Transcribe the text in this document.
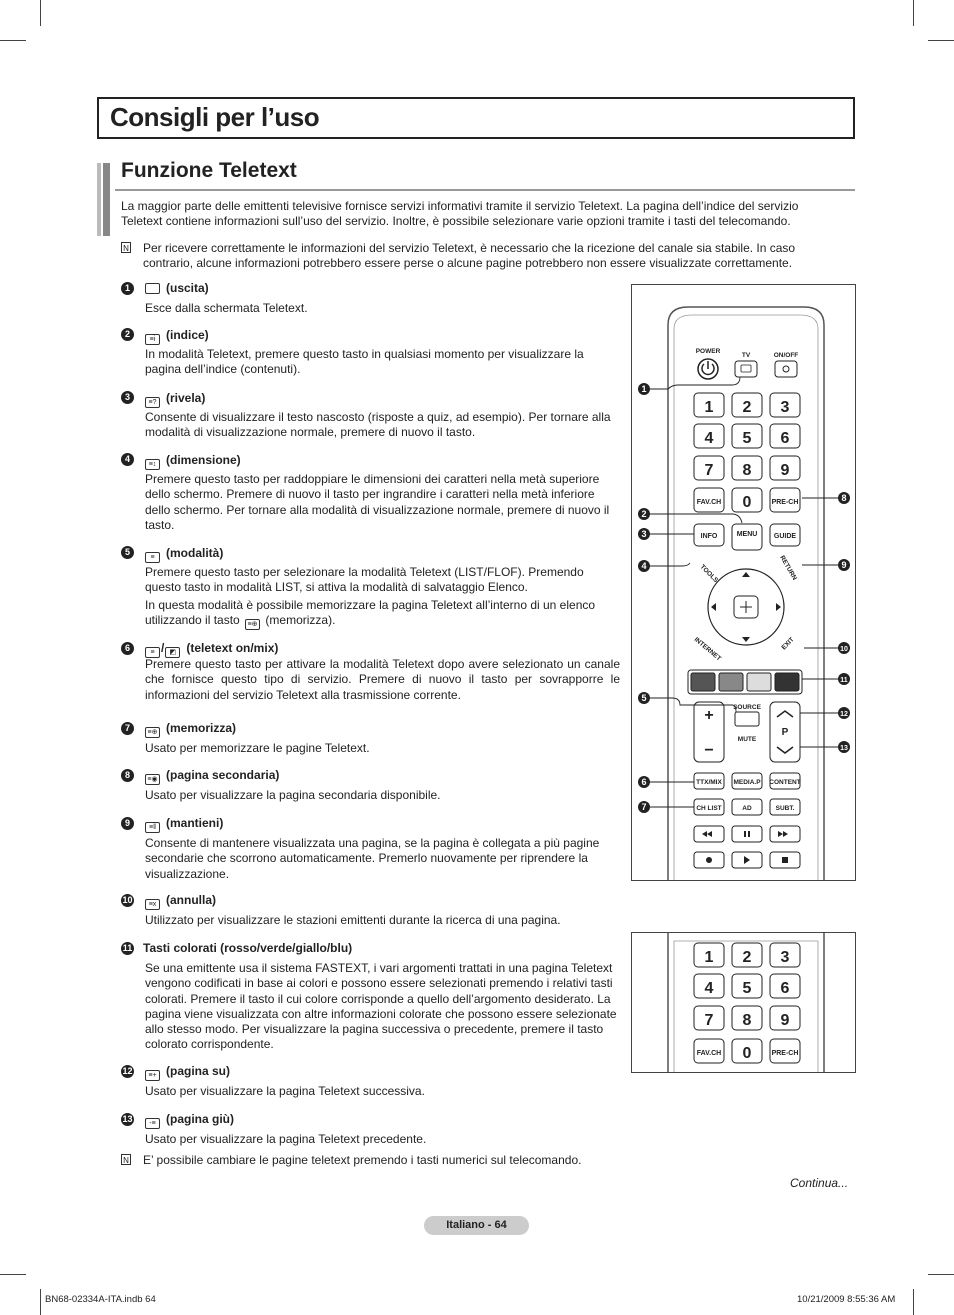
Consigli per l’uso
Funzione Teletext

La maggior parte delle emittenti televisive fornisce servizi informativi tramite il servizio Teletext. La pagina dell’indice del servizio Teletext contiene informazioni sull’uso del servizio. Inoltre, è possibile selezionare varie opzioni tramite i tasti del telecomando.

N Per ricevere correttamente le informazioni del servizio Teletext, è necessario che la ricezione del canale sia stabile. In caso contrario, alcune informazioni potrebbero essere perse o alcune pagine potrebbero non essere visualizzate correttamente.

1	(uscita)

Esce dalla schermata Teletext.

2
≡i (indice)

In modalità Teletext, premere questo tasto in qualsiasi momento per visualizzare la pagina dell’indice (contenuti).

3
≡? (rivela)

Consente di visualizzare il testo nascosto (risposte a quiz, ad esempio). Per tornare alla modalità di visualizzazione normale, premere di nuovo il tasto.

4
≡↕ (dimensione)

Premere questo tasto per raddoppiare le dimensioni dei caratteri nella metà superiore dello schermo. Premere di nuovo il tasto per ingrandire i caratteri nella metà inferiore dello schermo. Per tornare alla modalità di visualizzazione normale, premere di nuovo il tasto.

5
≡ (modalità)

Premere questo tasto per selezionare la modalità Teletext (LIST/FLOF). Premendo questo tasto in modalità LIST, si attiva la modalità di salvataggio Elenco.

In questa modalità è possibile memorizzare la pagina Teletext all’interno di un elenco utilizzando il tasto ≡⊕ (memorizza).

6	≡ / ◩ (teletext on/mix)

Premere questo tasto per attivare la modalità Teletext dopo avere selezionato un canale che fornisce questo tipo di servizio. Premere di nuovo il tasto per sovrapporre le informazioni del servizio Teletext alla trasmissione corrente.

7	≡⊕ (memorizza)

Usato per memorizzare le pagine Teletext.

8	≡◉ (pagina secondaria)

Usato per visualizzare la pagina secondaria disponibile.

9	≡‖ (mantieni)

Consente di mantenere visualizzata una pagina, se la pagina è collegata a più pagine secondarie che scorrono automaticamente. Premerlo nuovamente per riprendere la visualizzazione.

10	≡x (annulla)

Utilizzato per visualizzare le stazioni emittenti durante la ricerca di una pagina.

11 Tasti colorati (rosso/verde/giallo/blu)

Se una emittente usa il sistema FASTEXT, i vari argomenti trattati in una pagina Teletext vengono codificati in base ai colori e possono essere selezionati premendo i relativi tasti colorati. Premere il tasto il cui colore corrisponde a quello dell’argomento desiderato. La pagina viene visualizzata con altre informazioni colorate che possono essere selezionate allo stesso modo. Per visualizzare la pagina successiva o precedente, premere il tasto colorato corrispondente.

12	≡+ (pagina su)

Usato per visualizzare la pagina Teletext successiva.

13	-≡ (pagina giù)

Usato per visualizzare la pagina Teletext precedente.

N E’ possibile cambiare le pagine teletext premendo i tasti numerici sul telecomando.

POWER
TV	ON/OFF
1 2 3
4 5 6
7 8 9
FAV.CH 0	PRE-CH
INFO	MENU GUIDE
TOOLS	RETURN
INTERNET	EXIT
+
−
SOURCE
MUTE
P
TTX/MIX MEDIA.P CONTENT
CH LIST	AD	SUBT.
1
2
3
4
5
6
7
8
9
10
11
12
13
1 2 3
4 5 6
7 8 9
FAV.CH 0	PRE-CH
Continua...
Italiano - 64
BN68-02334A-ITA.indb 64	10/21/2009 8:55:36 AM
